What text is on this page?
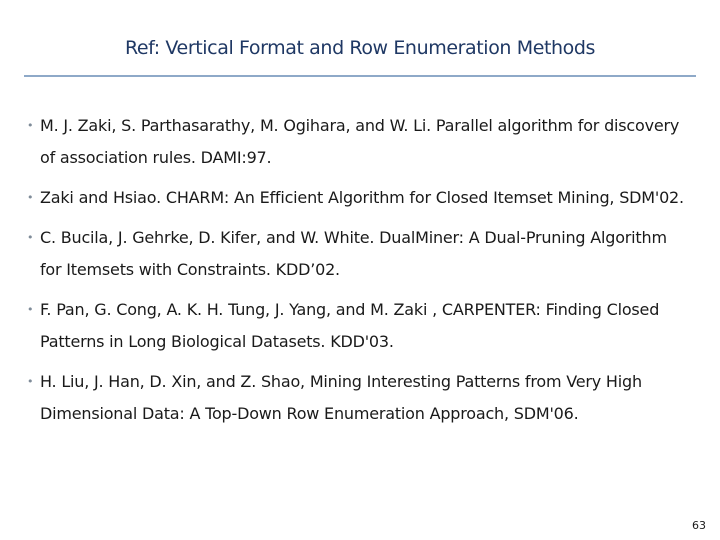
Ref: Vertical Format and Row Enumeration Methods
• M. J. Zaki, S. Parthasarathy, M. Ogihara, and W. Li. Parallel algorithm for discovery of association rules. DAMI:97.
• Zaki and Hsiao. CHARM: An Efficient Algorithm for Closed Itemset Mining, SDM'02.
• C. Bucila, J. Gehrke, D. Kifer, and W. White. DualMiner: A Dual-Pruning Algorithm for Itemsets with Constraints. KDD’02.
• F. Pan, G. Cong, A. K. H. Tung, J. Yang, and M. Zaki , CARPENTER: Finding Closed Patterns in Long Biological Datasets. KDD'03.
• H. Liu, J. Han, D. Xin, and Z. Shao, Mining Interesting Patterns from Very High Dimensional Data: A Top-Down Row Enumeration Approach, SDM'06.
63
